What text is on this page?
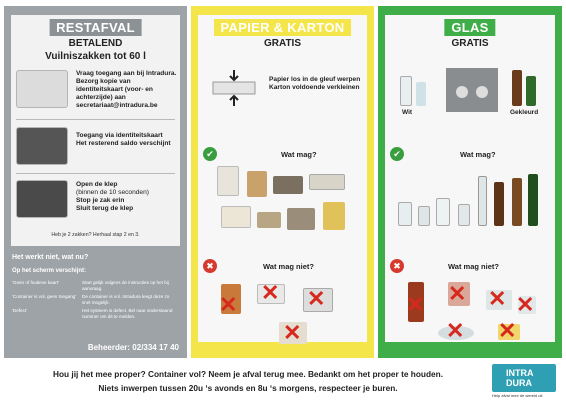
RESTAFVAL
BETALEND
Vuilniszakken tot 60 l
Vraag toegang aan bij Intradura. Bezorg kopie van identiteitskaart (voor- en achterzijde) aan secretariaat@intradura.be
Toegang via identiteitskaart
Het resterend saldo verschijnt
Open de klep
(binnen de 10 seconden)
Stop je zak erin
Sluit terug de klep
Heb je 2 zakken? Herhaal stap 2 en 3.
Het werkt niet, wat nu?
Op het scherm verschijnt:
'Geen of foutieve kaart'	Start gelijk volgens de instructies op het bij aanvraag.
'Container is vol, geen toegang'	De container is vol. Intradura leegt deze zo snel mogelijk.
'Defect'	Het systeem is defect. Bel naar onderstaand nummer om dit te melden.
Beheerder: 02/334 17 40
PAPIER & KARTON
GRATIS
Papier los in de gleuf werpen
Karton voldoende verkleinen
✔	Wat mag?
✖	Wat mag niet?
✕ ✕ ✕
✕
GLAS
GRATIS
Wit	Gekleurd
✔	Wat mag?
✖	Wat mag niet?
✕ ✕ ✕ ✕
✕ ✕
Hou jij het mee proper? Container vol? Neem je afval terug mee. Bedankt om het proper te houden.
Niets inwerpen tussen 20u ‘s avonds en 8u ‘s morgens, respecteer je buren.
INTRA
DURA
Help afval mee de wereld uit
